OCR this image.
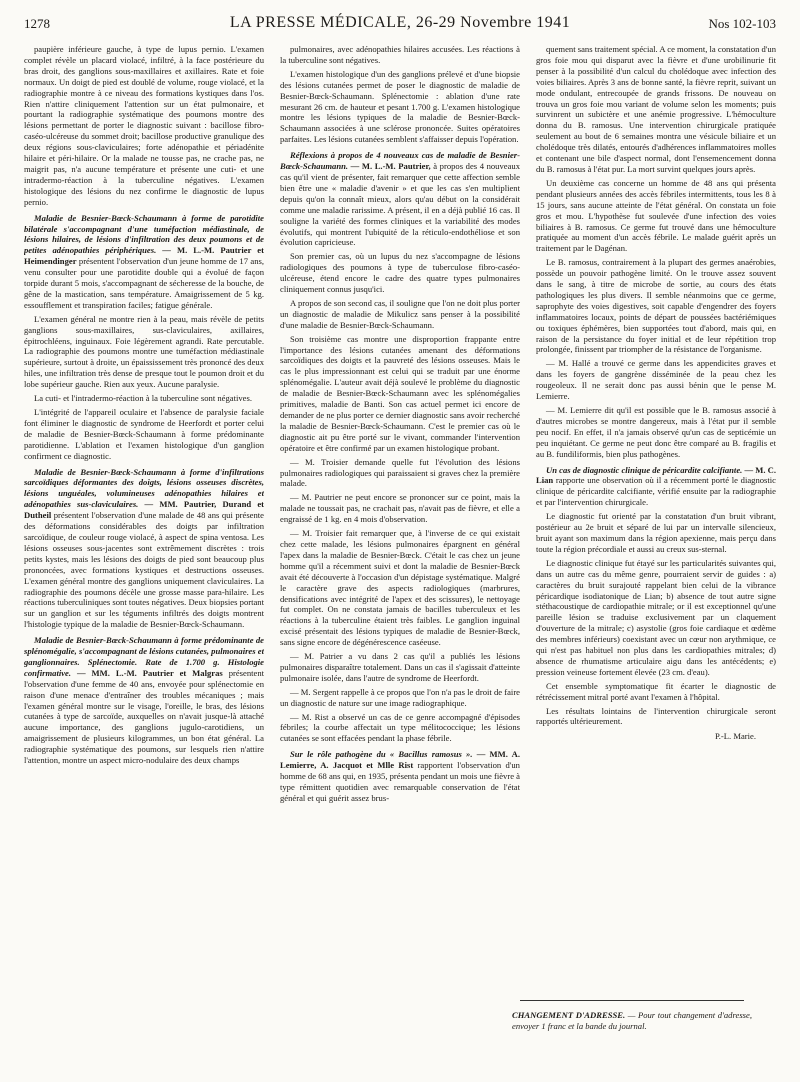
1278	LA PRESSE MÉDICALE, 26-29 Novembre 1941	Nos 102-103

paupière inférieure gauche, à type de lupus pernio. L'examen complet révèle un placard violacé, infiltré, à la face postérieure du bras droit, des ganglions sous-maxillaires et axillaires. Rate et foie normaux. Un doigt de pied est doublé de volume, rouge violacé, et la radiographie montre à ce niveau des formations kystiques dans l'os. Rien n'attire cliniquement l'attention sur un état pulmonaire, et pourtant la radiographie systématique des poumons montre des lésions permettant de porter le diagnostic suivant : bacillose fibro-caséo-ulcéreuse du sommet droit; bacillose productive granulique des deux régions sous-claviculaires; forte adénopathie et périadénite hilaire et péri-hilaire. Or la malade ne tousse pas, ne crache pas, ne maigrit pas, n'a aucune température et présente une cuti- et une intradermo-réaction à la tuberculine négatives. L'examen histologique des lésions du nez confirme le diagnostic de lupus pernio.

Maladie de Besnier-Bœck-Schaumann à forme de parotidite bilatérale s'accompagnant d'une tuméfaction médiastinale, de lésions hilaires, de lésions d'infiltration des deux poumons et de petites adénopathies périphériques. — M. L.-M. Pautrier et Heimendinger présentent l'observation d'un jeune homme de 17 ans, venu consulter pour une parotidite double qui a évolué de façon torpide durant 5 mois, s'accompagnant de sécheresse de la bouche, de gêne de la mastication, sans température. Amaigrissement de 5 kg. essoufflement et transpiration faciles; fatigue générale.

L'examen général ne montre rien à la peau, mais révèle de petits ganglions sous-maxillaires, sus-claviculaires, axillaires, épitrochléens, inguinaux. Foie légèrement agrandi. Rate percutable. La radiographie des poumons montre une tuméfaction médiastinale supérieure, surtout à droite, un épaississement très prononcé des deux hiles, une infiltration très dense de presque tout le poumon droit et du lobe supérieur gauche. Rien aux yeux. Aucune paralysie.

La cuti- et l'intradermo-réaction à la tuberculine sont négatives.

L'intégrité de l'appareil oculaire et l'absence de paralysie faciale font éliminer le diagnostic de syndrome de Heerfordt et porter celui de maladie de Besnier-Bœck-Schaumann à forme prédominante parotidienne. L'ablation et l'examen histologique d'un ganglion confirment ce diagnostic.

Maladie de Besnier-Bœck-Schaumann à forme d'infiltrations sarcoïdiques déformantes des doigts, lésions osseuses discrètes, lésions unguéales, volumineuses adénopathies hilaires et adénopathies sus-claviculaires. — MM. Pautrier, Durand et Dutheil présentent l'observation d'une malade de 48 ans qui présente des déformations considérables des doigts par infiltration sarcoïdique, de couleur rouge violacé, à aspect de spina ventosa. Les lésions osseuses sous-jacentes sont extrêmement discrètes : trois petits kystes, mais les lésions des doigts de pied sont beaucoup plus prononcées, avec formations kystiques et destructions osseuses. L'examen général montre des ganglions uniquement claviculaires. La radiographie des poumons décèle une grosse masse para-hilaire. Les réactions tuberculiniques sont toutes négatives. Deux biopsies portant sur un ganglion et sur les téguments infiltrés des doigts montrent l'histologie typique de la maladie de Besnier-Bœck-Schaumann.

Maladie de Besnier-Bœck-Schaumann à forme prédominante de splénomégalie, s'accompagnant de lésions cutanées, pulmonaires et ganglionnaires. Splénectomie. Rate de 1.700 g. Histologie confirmative. — MM. L.-M. Pautrier et Malgras présentent l'observation d'une femme de 40 ans, envoyée pour splénectomie en raison d'une menace d'entraîner des troubles mécaniques ; mais l'examen général montre sur le visage, l'oreille, le bras, des lésions cutanées à type de sarcoïde, auxquelles on n'avait jusque-là attaché aucune importance, des ganglions jugulo-carotidiens, un amaigrissement de plusieurs kilogrammes, un bon état général. La radiographie systématique des poumons, sur lesquels rien n'attire l'attention, montre un aspect micro-nodulaire des deux champs

pulmonaires, avec adénopathies hilaires accusées. Les réactions à la tuberculine sont négatives.

L'examen histologique d'un des ganglions prélevé et d'une biopsie des lésions cutanées permet de poser le diagnostic de maladie de Besnier-Bœck-Schaumann. Splénectomie : ablation d'une rate mesurant 26 cm. de hauteur et pesant 1.700 g. L'examen histologique montre les lésions typiques de la maladie de Besnier-Bœck-Schaumann associées à une sclérose prononcée. Suites opératoires parfaites. Les lésions cutanées semblent s'affaisser depuis l'opération.

Réflexions à propos de 4 nouveaux cas de maladie de Besnier-Bœck-Schaumann. — M. L.-M. Pautrier, à propos des 4 nouveaux cas qu'il vient de présenter, fait remarquer que cette affection semble bien être une « maladie d'avenir » et que les cas s'en multiplient depuis qu'on la connaît mieux, alors qu'au début on la considérait comme une maladie rarissime. A présent, il en a déjà publié 16 cas. Il souligne la variété des formes cliniques et la variabilité des modes évolutifs, qui montrent l'ubiquité de la réticulo-endothéliose et son évolution capricieuse.

Son premier cas, où un lupus du nez s'accompagne de lésions radiologiques des poumons à type de tuberculose fibro-caséo-ulcéreuse, étend encore le cadre des quatre types pulmonaires cliniquement connus jusqu'ici.

A propos de son second cas, il souligne que l'on ne doit plus porter un diagnostic de maladie de Mikulicz sans penser à la possibilité d'une maladie de Besnier-Bœck-Schaumann.

Son troisième cas montre une disproportion frappante entre l'importance des lésions cutanées amenant des déformations sarcoïdiques des doigts et la pauvreté des lésions osseuses. Mais le cas le plus impressionnant est celui qui se traduit par une énorme splénomégalie. L'auteur avait déjà soulevé le problème du diagnostic de maladie de Besnier-Bœck-Schaumann avec les splénomégalies primitives, maladie de Banti. Son cas actuel permet ici encore de demander de ne plus porter ce dernier diagnostic sans avoir recherché la maladie de Besnier-Bœck-Schaumann. C'est le premier cas où le diagnostic ait pu être porté sur le vivant, commander l'intervention opératoire et être confirmé par un examen histologique probant.

— M. Troisier demande quelle fut l'évolution des lésions pulmonaires radiologiques qui paraissaient si graves chez la première malade.

— M. Pautrier ne peut encore se prononcer sur ce point, mais la malade ne toussait pas, ne crachait pas, n'avait pas de fièvre, et elle a engraissé de 1 kg. en 4 mois d'observation.

— M. Troisier fait remarquer que, à l'inverse de ce qui existait chez cette malade, les lésions pulmonaires épargnent en général l'apex dans la maladie de Besnier-Bœck. C'était le cas chez un jeune homme qu'il a récemment suivi et dont la maladie de Besnier-Bœck avait été découverte à l'occasion d'un dépistage systématique. Malgré le caractère grave des aspects radiologiques (marbrures, densifications avec intégrité de l'apex et des scissures), le nettoyage fut complet. On ne constata jamais de bacilles tuberculeux et les réactions à la tuberculine étaient très faibles. Le ganglion inguinal excisé présentait des lésions typiques de maladie de Besnier-Bœck, sans signe encore de dégénérescence caséeuse.

— M. Patrier a vu dans 2 cas qu'il a publiés les lésions pulmonaires disparaître totalement. Dans un cas il s'agissait d'atteinte pulmonaire isolée, dans l'autre de syndrome de Heerfordt.

— M. Sergent rappelle à ce propos que l'on n'a pas le droit de faire un diagnostic de nature sur une image radiographique.

— M. Rist a observé un cas de ce genre accompagné d'épisodes fébriles; la courbe affectait un type mélitococcique; les lésions cutanées se sont effacées pendant la phase fébrile.

Sur le rôle pathogène du « Bacillus ramosus ». — MM. A. Lemierre, A. Jacquot et Mlle Rist rapportent l'observation d'un homme de 68 ans qui, en 1935, présenta pendant un mois une fièvre à type rémittent quotidien avec remarquable conservation de l'état général et qui guérit assez brus-

quement sans traitement spécial. A ce moment, la constatation d'un gros foie mou qui disparut avec la fièvre et d'une urobilinurie fit penser à la possibilité d'un calcul du cholédoque avec infection des voies biliaires. Après 3 ans de bonne santé, la fièvre reprit, suivant un mode ondulant, entrecoupée de grands frissons. De nouveau on trouva un gros foie mou variant de volume selon les moments; puis survinrent un subictère et une anémie progressive. L'hémoculture donna du B. ramosus. Une intervention chirurgicale pratiquée seulement au bout de 6 semaines montra une vésicule biliaire et un cholédoque très dilatés, entourés d'adhérences inflammatoires molles et contenant une bile d'aspect normal, dont l'ensemencement donna du B. ramosus à l'état pur. La mort survint quelques jours après.

Un deuxième cas concerne un homme de 48 ans qui présenta pendant plusieurs années des accès fébriles intermittents, tous les 8 à 15 jours, sans aucune atteinte de l'état général. On constata un foie gros et mou. L'hypothèse fut soulevée d'une infection des voies biliaires à B. ramosus. Ce germe fut trouvé dans une hémoculture pratiquée au moment d'un accès fébrile. Le malade guérit après un traitement par le Dagénan.

Le B. ramosus, contrairement à la plupart des germes anaérobies, possède un pouvoir pathogène limité. On le trouve assez souvent dans le sang, à titre de microbe de sortie, au cours des états pathologiques les plus divers. Il semble néanmoins que ce germe, saprophyte des voies digestives, soit capable d'engendrer des foyers inflammatoires locaux, points de départ de poussées bactériémiques ou toxiques éphémères, bien supportées tout d'abord, mais qui, en raison de la persistance du foyer initial et de leur répétition trop prolongée, finissent par triompher de la résistance de l'organisme.

— M. Hallé a trouvé ce germe dans les appendicites graves et dans les foyers de gangrène disséminée de la peau chez les rougeoleux. Il ne serait donc pas aussi bénin que le pense M. Lemierre.

— M. Lemierre dit qu'il est possible que le B. ramosus associé à d'autres microbes se montre dangereux, mais à l'état pur il semble peu nocif. En effet, il n'a jamais observé qu'un cas de septicémie un peu inquiétant. Ce germe ne peut donc être comparé au B. fragilis et au B. fundiliformis, bien plus pathogènes.

Un cas de diagnostic clinique de péricardite calcifiante. — M. C. Lian rapporte une observation où il a récemment porté le diagnostic clinique de péricardite calcifiante, vérifié ensuite par la radiographie et par l'intervention chirurgicale.

Le diagnostic fut orienté par la constatation d'un bruit vibrant, postérieur au 2e bruit et séparé de lui par un intervalle silencieux, bruit ayant son maximum dans la région apexienne, mais perçu dans toute la région précordiale et aussi au creux sus-sternal.

Le diagnostic clinique fut étayé sur les particularités suivantes qui, dans un autre cas du même genre, pourraient servir de guides : a) caractères du bruit surajouté rappelant bien celui de la vibrance péricardique isodiatonique de Lian; b) absence de tout autre signe stéthacoustique de cardiopathie mitrale; or il est exceptionnel qu'une pareille lésion se traduise exclusivement par un claquement d'ouverture de la mitrale; c) asystolie (gros foie cardiaque et œdème des membres inférieurs) coexistant avec un cœur non arythmique, ce qui n'est pas habituel non plus dans les cardiopathies mitrales; d) absence de rhumatisme articulaire aigu dans les antécédents; e) pression veineuse fortement élevée (23 cm. d'eau).

Cet ensemble symptomatique fit écarter le diagnostic de rétrécissement mitral porté avant l'examen à l'hôpital.

Les résultats lointains de l'intervention chirurgicale seront rapportés ultérieurement.

P.-L. Marie.

CHANGEMENT D'ADRESSE. — Pour tout changement d'adresse, envoyer 1 franc et la bande du journal.
